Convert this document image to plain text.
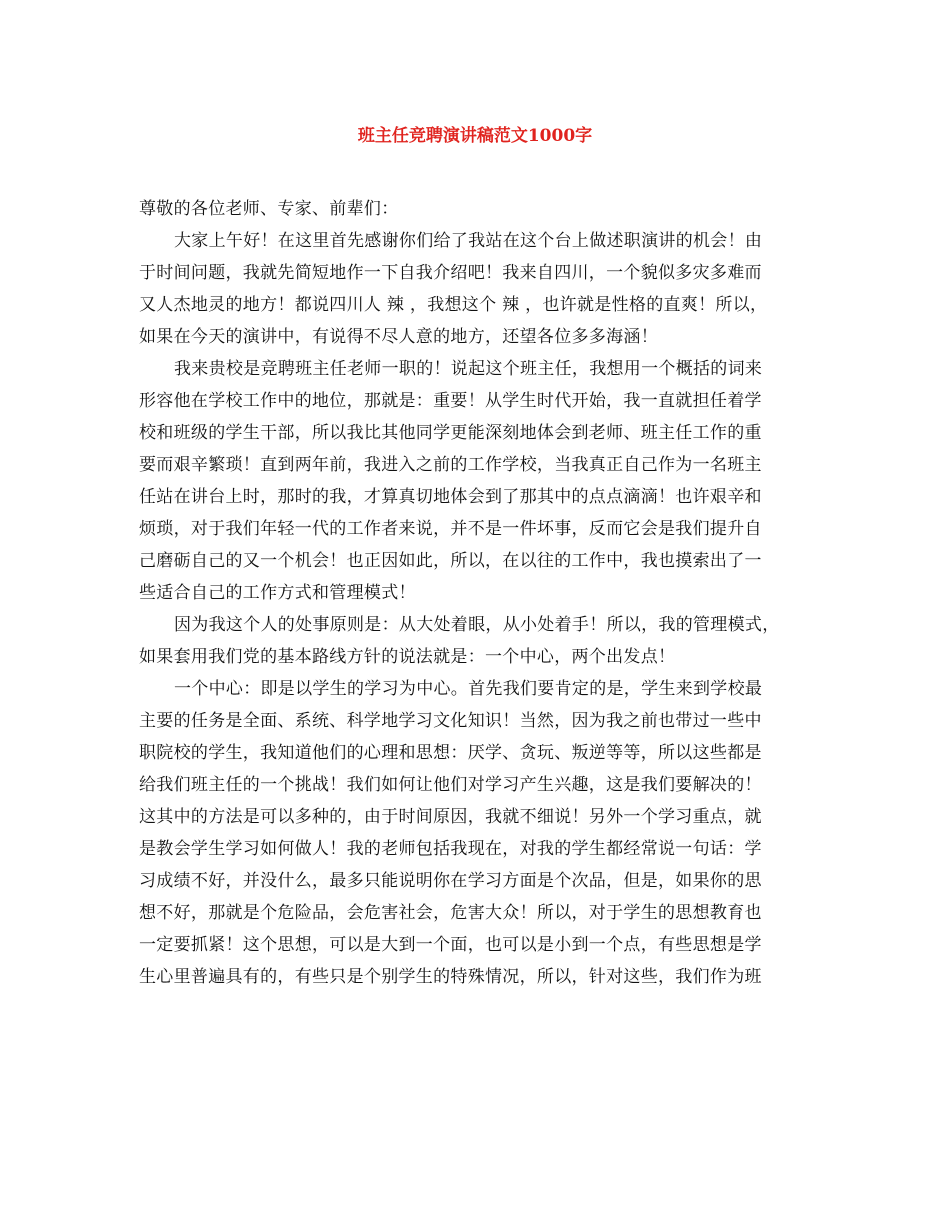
班主任竞聘演讲稿范文1000字
尊敬的各位老师、专家、前辈们：
大家上午好！在这里首先感谢你们给了我站在这个台上做述职演讲的机会！由
于时间问题，我就先简短地作一下自我介绍吧！我来自四川，一个貌似多灾多难而
又人杰地灵的地方！都说四川人 辣 ，我想这个 辣 ，也许就是性格的直爽！所以，
如果在今天的演讲中，有说得不尽人意的地方，还望各位多多海涵！
我来贵校是竞聘班主任老师一职的！说起这个班主任，我想用一个概括的词来
形容他在学校工作中的地位，那就是：重要！从学生时代开始，我一直就担任着学
校和班级的学生干部，所以我比其他同学更能深刻地体会到老师、班主任工作的重
要而艰辛繁琐！直到两年前，我进入之前的工作学校，当我真正自己作为一名班主
任站在讲台上时，那时的我，才算真切地体会到了那其中的点点滴滴！也许艰辛和
烦琐，对于我们年轻一代的工作者来说，并不是一件坏事，反而它会是我们提升自
己磨砺自己的又一个机会！也正因如此，所以，在以往的工作中，我也摸索出了一
些适合自己的工作方式和管理模式！
因为我这个人的处事原则是：从大处着眼，从小处着手！所以，我的管理模式，
如果套用我们党的基本路线方针的说法就是：一个中心，两个出发点！
一个中心：即是以学生的学习为中心。首先我们要肯定的是，学生来到学校最
主要的任务是全面、系统、科学地学习文化知识！当然，因为我之前也带过一些中
职院校的学生，我知道他们的心理和思想：厌学、贪玩、叛逆等等，所以这些都是
给我们班主任的一个挑战！我们如何让他们对学习产生兴趣，这是我们要解决的！
这其中的方法是可以多种的，由于时间原因，我就不细说！另外一个学习重点，就
是教会学生学习如何做人！我的老师包括我现在，对我的学生都经常说一句话：学
习成绩不好，并没什么，最多只能说明你在学习方面是个次品，但是，如果你的思
想不好，那就是个危险品，会危害社会，危害大众！所以，对于学生的思想教育也
一定要抓紧！这个思想，可以是大到一个面，也可以是小到一个点，有些思想是学
生心里普遍具有的，有些只是个别学生的特殊情况，所以，针对这些，我们作为班
